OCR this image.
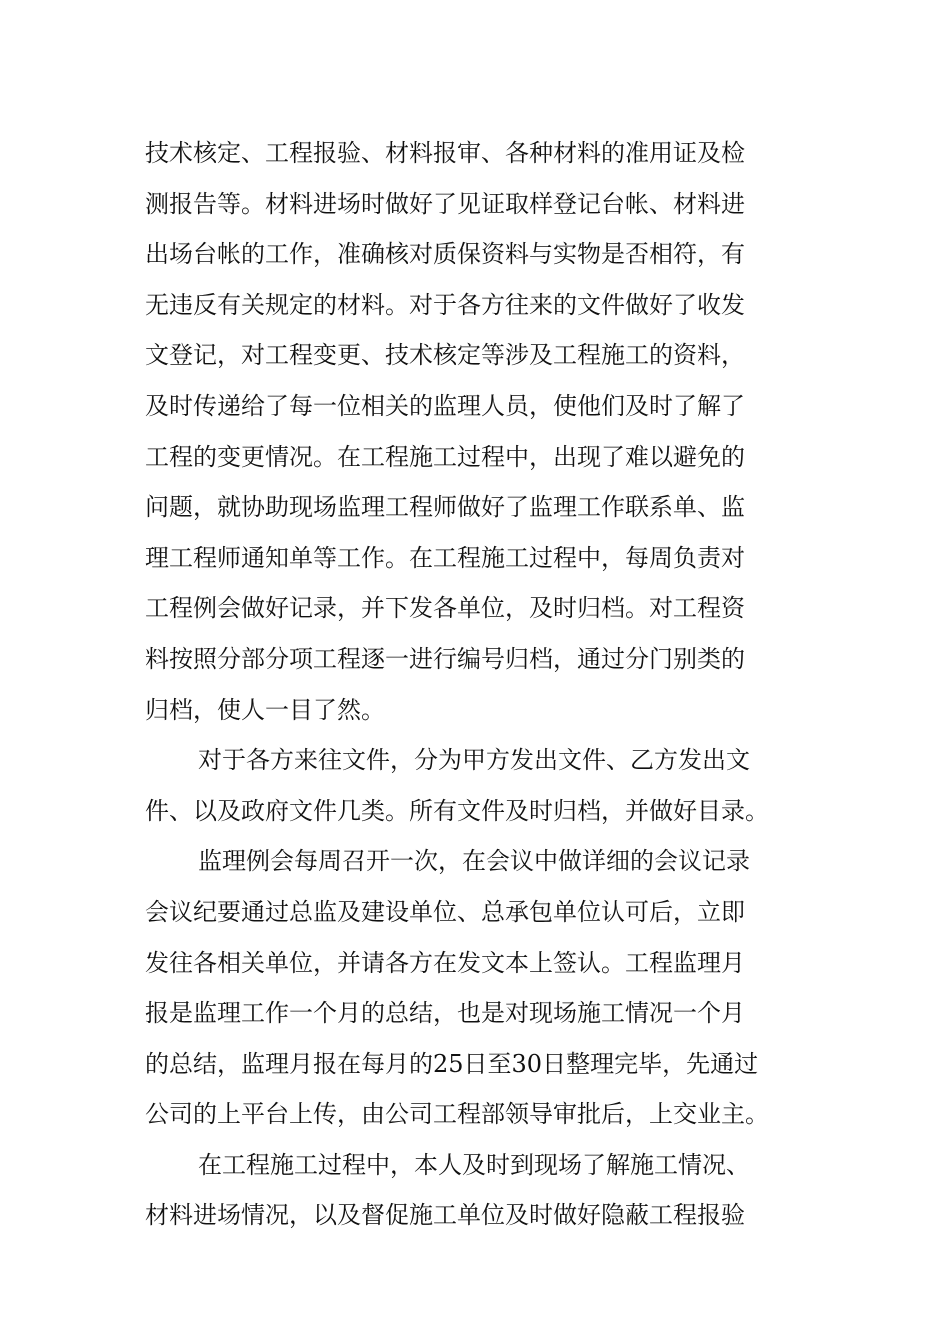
技术核定、工程报验、材料报审、各种材料的准用证及检
测报告等。材料进场时做好了见证取样登记台帐、材料进
出场台帐的工作，准确核对质保资料与实物是否相符，有
无违反有关规定的材料。对于各方往来的文件做好了收发
文登记，对工程变更、技术核定等涉及工程施工的资料，
及时传递给了每一位相关的监理人员，使他们及时了解了
工程的变更情况。在工程施工过程中，出现了难以避免的
问题，就协助现场监理工程师做好了监理工作联系单、监
理工程师通知单等工作。在工程施工过程中，每周负责对
工程例会做好记录，并下发各单位，及时归档。对工程资
料按照分部分项工程逐一进行编号归档，通过分门别类的
归档，使人一目了然。
对于各方来往文件，分为甲方发出文件、乙方发出文
件、以及政府文件几类。所有文件及时归档，并做好目录。
监理例会每周召开一次，在会议中做详细的会议记录
会议纪要通过总监及建设单位、总承包单位认可后，立即
发往各相关单位，并请各方在发文本上签认。工程监理月
报是监理工作一个月的总结，也是对现场施工情况一个月
的总结，监理月报在每月的25日至30日整理完毕，先通过
公司的上平台上传，由公司工程部领导审批后，上交业主。
在工程施工过程中，本人及时到现场了解施工情况、
材料进场情况，以及督促施工单位及时做好隐蔽工程报验
